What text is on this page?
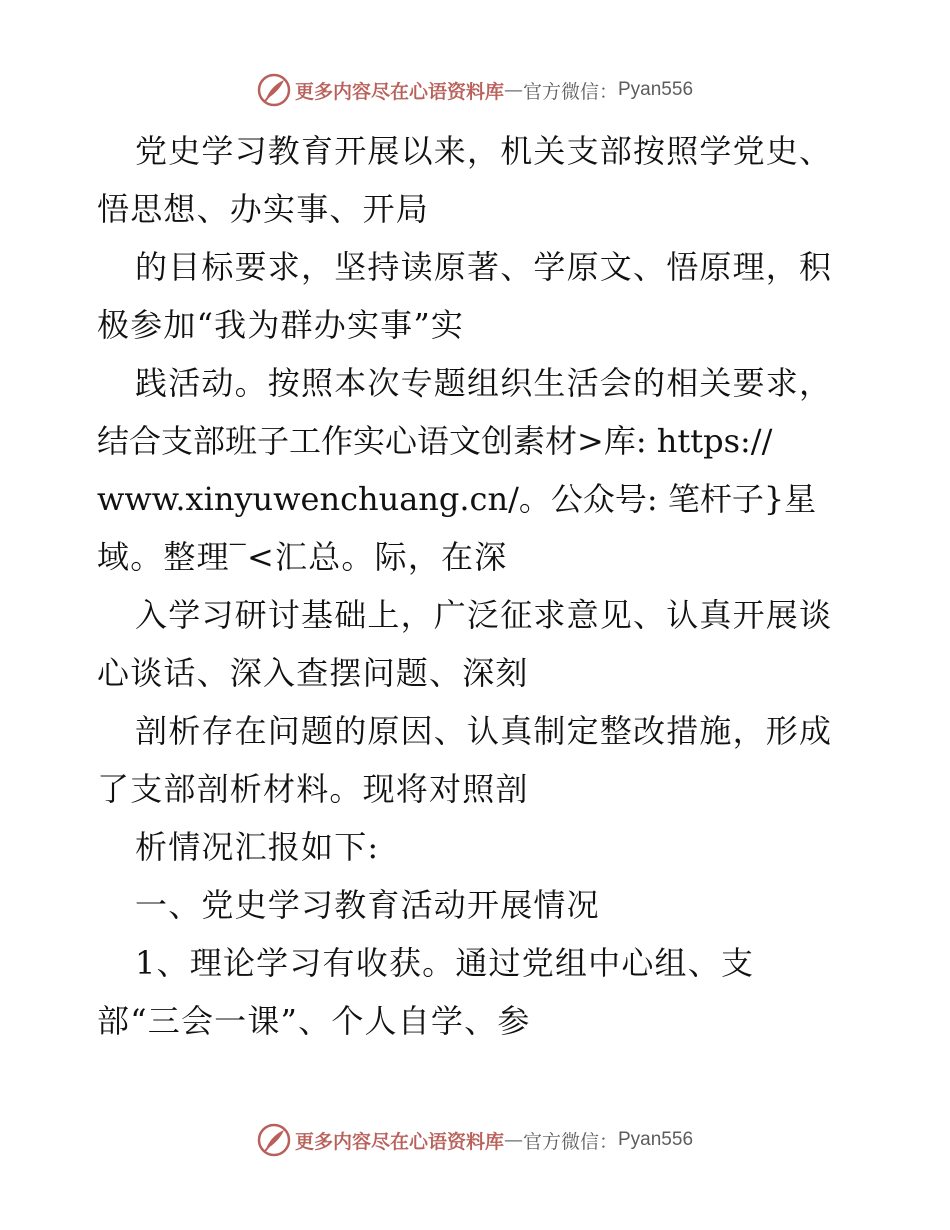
更多内容尽在心语资料库 — 官方微信： Pyan556
党史学习教育开展以来，机关支部按照学党史、
悟思想、办实事、开局
的目标要求，坚持读原著、学原文、悟原理，积
极参加“我为群办实事”实
践活动。按照本次专题组织生活会的相关要求，
结合支部班子工作实心语文创素材>库: https://
www.xinyuwenchuang.cn/。公众号: 笔杆子}星
域。整理‾<汇总。际，在深
入学习研讨基础上，广泛征求意见、认真开展谈
心谈话、深入查摆问题、深刻
剖析存在问题的原因、认真制定整改措施，形成
了支部剖析材料。现将对照剖
析情况汇报如下:
一、党史学习教育活动开展情况
1、理论学习有收获。通过党组中心组、支
部“三会一课”、个人自学、参
更多内容尽在心语资料库 — 官方微信： Pyan556
